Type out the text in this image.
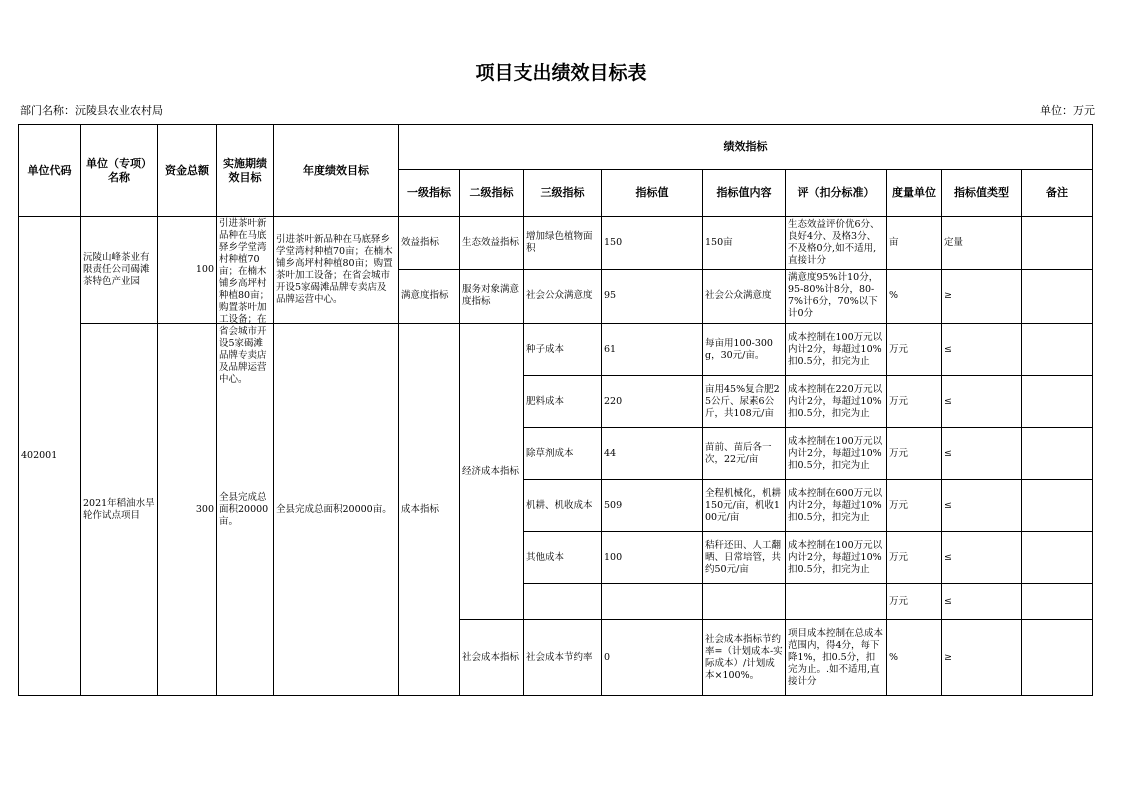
项目支出绩效目标表
部门名称：沅陵县农业农村局	单位：万元
单位代码	单位（专项）名称	资金总额	实施期绩效目标	年度绩效目标	绩效指标								
					一级指标	二级指标	三级指标	指标值	指标值内容	评（扣分标准）	度量单位	指标值类型	备注
402001	沅陵山峰茶业有限责任公司碣滩茶特色产业园	100	引进茶叶新品种在马底驿乡学堂湾村种植70亩；在楠木铺乡高坪村种植80亩；购置茶叶加工设备；在省会城市开设5家碣滩品牌专卖店及品牌运营中心。	引进茶叶新品种在马底驿乡学堂湾村种植70亩；在楠木铺乡高坪村种植80亩；购置茶叶加工设备；在省会城市开设5家碣滩品牌专卖店及品牌运营中心。	效益指标	生态效益指标	增加绿色植物面积	150	150亩	生态效益评价优6分、良好4分、及格3分、不及格0分,如不适用,直接计分	亩	定量	
					满意度指标	服务对象满意度指标	社会公众满意度	95	社会公众满意度	满意度95%计10分，95-80%计8分，80-7%计6分，70%以下计0分	%	≥	
	2021年稻油水旱轮作试点项目	300	全县完成总面积20000亩。	全县完成总面积20000亩。	成本指标	经济成本指标	种子成本	61	每亩用100-300g，30元/亩。	成本控制在100万元以内计2分，每超过10%扣0.5分，扣完为止	万元	≤	
							肥料成本	220	亩用45%复合肥25公斤、尿素6公斤，共108元/亩	成本控制在220万元以内计2分，每超过10%扣0.5分，扣完为止	万元	≤	
							除草剂成本	44	苗前、苗后各一次，22元/亩	成本控制在100万元以内计2分，每超过10%扣0.5分，扣完为止	万元	≤	
							机耕、机收成本	509	全程机械化，机耕150元/亩，机收100元/亩	成本控制在600万元以内计2分，每超过10%扣0.5分，扣完为止	万元	≤	
							其他成本	100	秸秆还田、人工翻晒、日常培管，共约50元/亩	成本控制在100万元以内计2分，每超过10%扣0.5分，扣完为止	万元	≤	
											万元	≤	
						社会成本指标	社会成本节约率	0	社会成本指标节约率=（计划成本-实际成本）/计划成本×100%。	项目成本控制在总成本范围内，得4分，每下降1%，扣0.5分，扣完为止。.如不适用,直接计分	%	≥	
